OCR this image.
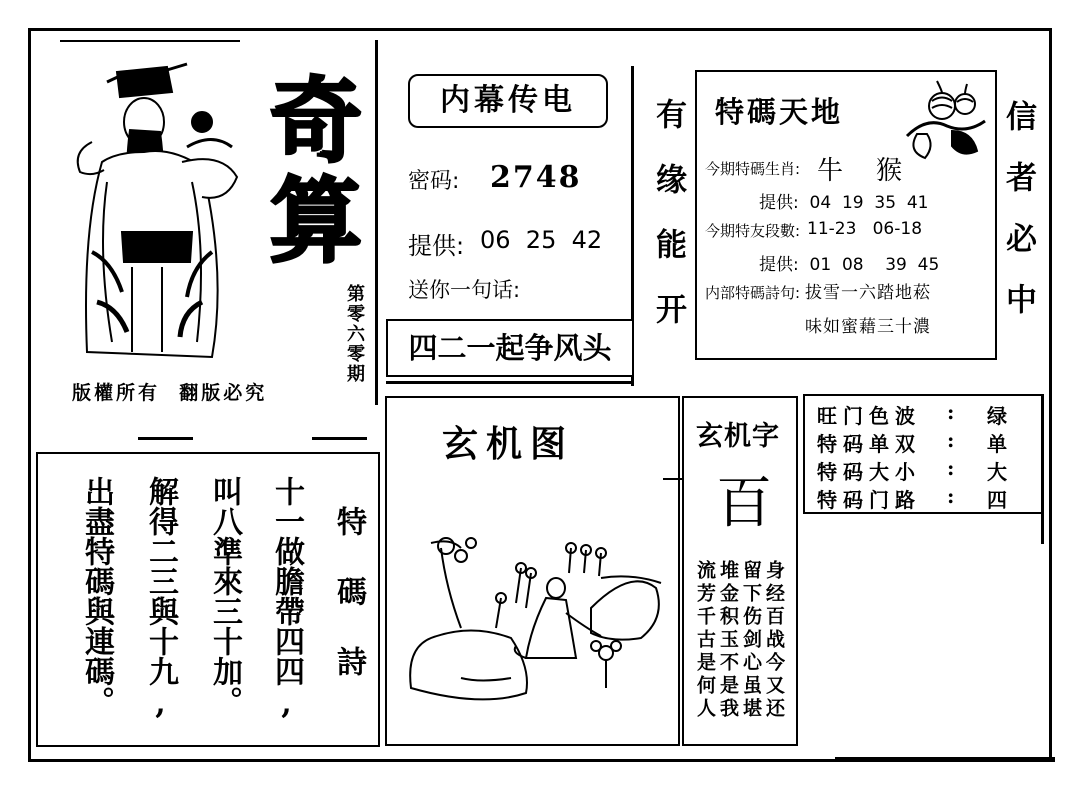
奇
算
第零六零期
版權所有  翻版必究
内幕传电
密码: 2748
提供: 06  25  42
送你一句话:
四二一起争风头	有缘能开 特碼天地
今期特碼生肖: 牛    猴
提供:  04  19  35  41
今期特友段數: 11-23   06-18
提供:  01  08    39  45
内部特碼詩句: 拔雪一六踏地菘
味如蜜藉三十濃 信者必中
旺门色波	:	绿
特码单双	:	单
特码大小	:	大
特码门路	:	四
特碼詩
十一做膽帶四四,
叫八準來三十加。
解得二三與十九,
出盡特碼與連碼。
玄机图	玄机字
百
身经百战今又还
留下伤剑心虽堪
堆金积玉不是我
流芳千古是何人
